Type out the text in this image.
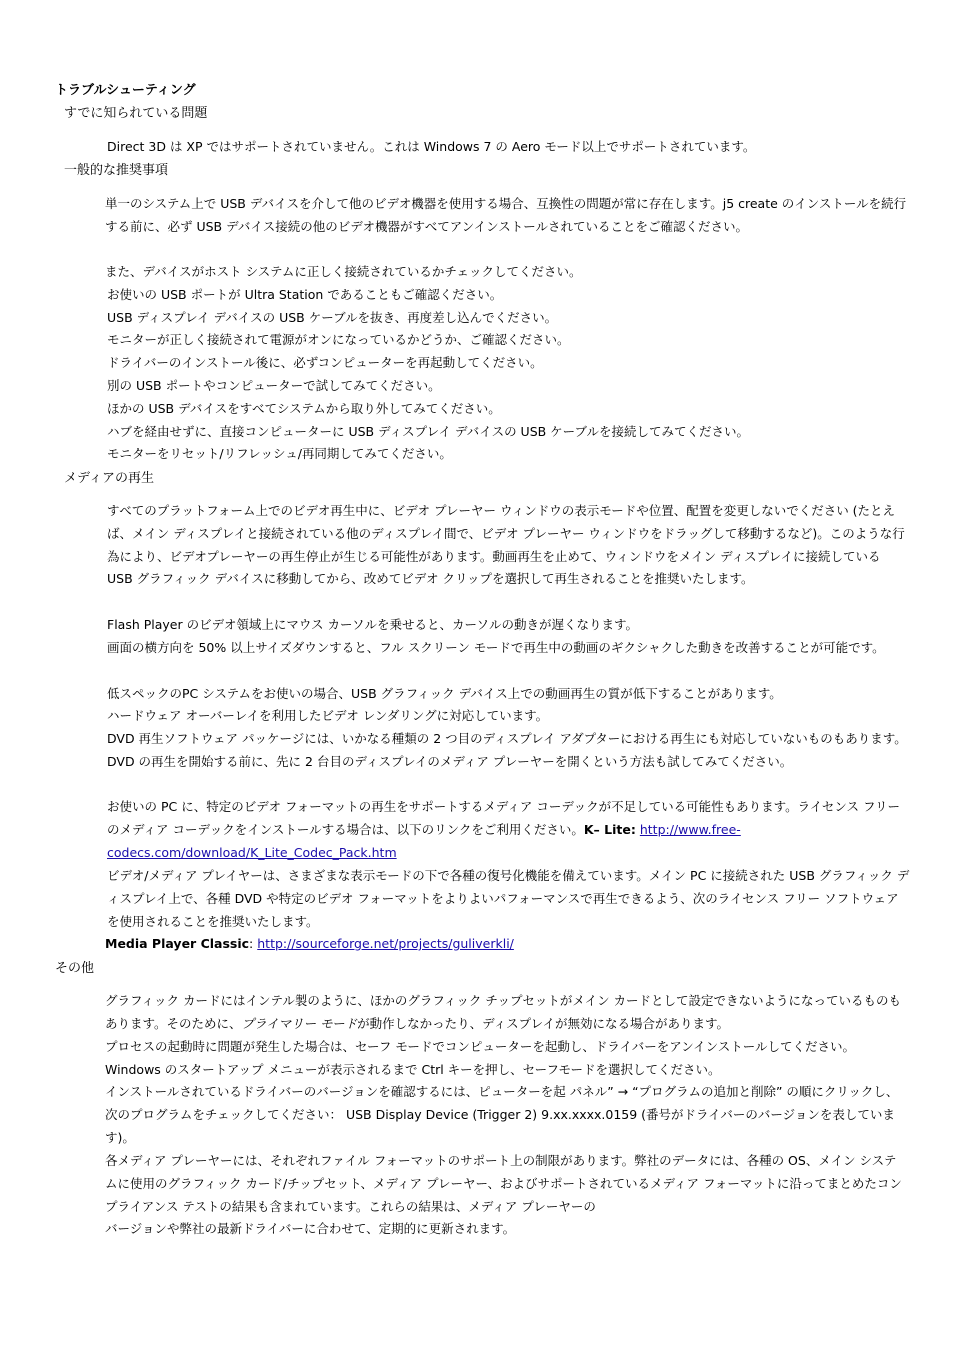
トラブルシューティング
すでに知られている問題
Direct 3D は XP ではサポートされていません。これは Windows 7 の Aero モード以上でサポートされています。
一般的な推奨事項
単一のシステム上で USB デバイスを介して他のビデオ機器を使用する場合、互換性の問題が常に存在します。j5 create のインストールを続行する前に、必ず USB デバイス接続の他のビデオ機器がすべてアンインストールされていることをご確認ください。
また、デバイスがホスト システムに正しく接続されているかチェックしてください。
お使いの USB ポートが Ultra Station であることもご確認ください。
USB ディスプレイ デバイスの USB ケーブルを抜き、再度差し込んでください。
モニターが正しく接続されて電源がオンになっているかどうか、ご確認ください。
ドライバーのインストール後に、必ずコンピューターを再起動してください。
別の USB ポートやコンピューターで試してみてください。
ほかの USB デバイスをすべてシステムから取り外してみてください。
ハブを経由せずに、直接コンピューターに USB ディスプレイ デバイスの USB ケーブルを接続してみてください。
モニターをリセット/リフレッシュ/再同期してみてください。
メディアの再生
すべてのプラットフォーム上でのビデオ再生中に、ビデオ プレーヤー ウィンドウの表示モードや位置、配置を変更しないでください (たとえば、メイン ディスプレイと接続されている他のディスプレイ間で、ビデオ プレーヤー ウィンドウをドラッグして移動するなど)。このような行為により、ビデオプレーヤーの再生停止が生じる可能性があります。動画再生を止めて、ウィンドウをメイン ディスプレイに接続している USB グラフィック デバイスに移動してから、改めてビデオ クリップを選択して再生されることを推奨いたします。
Flash Player のビデオ領域上にマウス カーソルを乗せると、カーソルの動きが遅くなります。
画面の横方向を 50% 以上サイズダウンすると、フル スクリーン モードで再生中の動画のギクシャクした動きを改善することが可能です。
低スペックのPC システムをお使いの場合、USB グラフィック デバイス上での動画再生の質が低下することがあります。
ハードウェア オーバーレイを利用したビデオ レンダリングに対応しています。
DVD 再生ソフトウェア パッケージには、いかなる種類の 2 つ目のディスプレイ アダプターにおける再生にも対応していないものもあります。DVD の再生を開始する前に、先に 2 台目のディスプレイのメディア プレーヤーを開くという方法も試してみてください。
お使いの PC に、特定のビデオ フォーマットの再生をサポートするメディア コーデックが不足している可能性もあります。ライセンス フリーのメディア コーデックをインストールする場合は、以下のリンクをご利用ください。K– Lite: http://www.free-
codecs.com/download/K_Lite_Codec_Pack.htm
ビデオ/メディア プレイヤーは、さまざまな表示モードの下で各種の復号化機能を備えています。メイン PC に接続された USB グラフィック ディスプレイ上で、各種 DVD や特定のビデオ フォーマットをよりよいパフォーマンスで再生できるよう、次のライセンス フリー ソフトウェアを使用されることを推奨いたします。
Media Player Classic: http://sourceforge.net/projects/guliverkli/
その他
グラフィック カードにはインテル製のように、ほかのグラフィック チップセットがメイン カードとして設定できないようになっているものもあります。そのために、プライマリー モードが動作しなかったり、ディスプレイが無効になる場合があります。
プロセスの起動時に問題が発生した場合は、セーフ モードでコンピューターを起動し、ドライバーをアンインストールしてください。Windows のスタートアップ メニューが表示されるまで Ctrl キーを押し、セーフモードを選択してください。
インストールされているドライバーのバージョンを確認するには、ピューターを起 パネル” → “プログラムの追加と削除” の順にクリックし、次のプログラムをチェックしてください： USB Display Device (Trigger 2) 9.xx.xxxx.0159 (番号がドライバーのバージョンを表しています)。
各メディア プレーヤーには、それぞれファイル フォーマットのサポート上の制限があります。弊社のデータには、各種の OS、メイン システムに使用のグラフィック カード/チップセット、メディア プレーヤー、およびサポートされているメディア フォーマットに沿ってまとめたコンプライアンス テストの結果も含まれています。これらの結果は、メディア プレーヤーの
バージョンや弊社の最新ドライバーに合わせて、定期的に更新されます。
